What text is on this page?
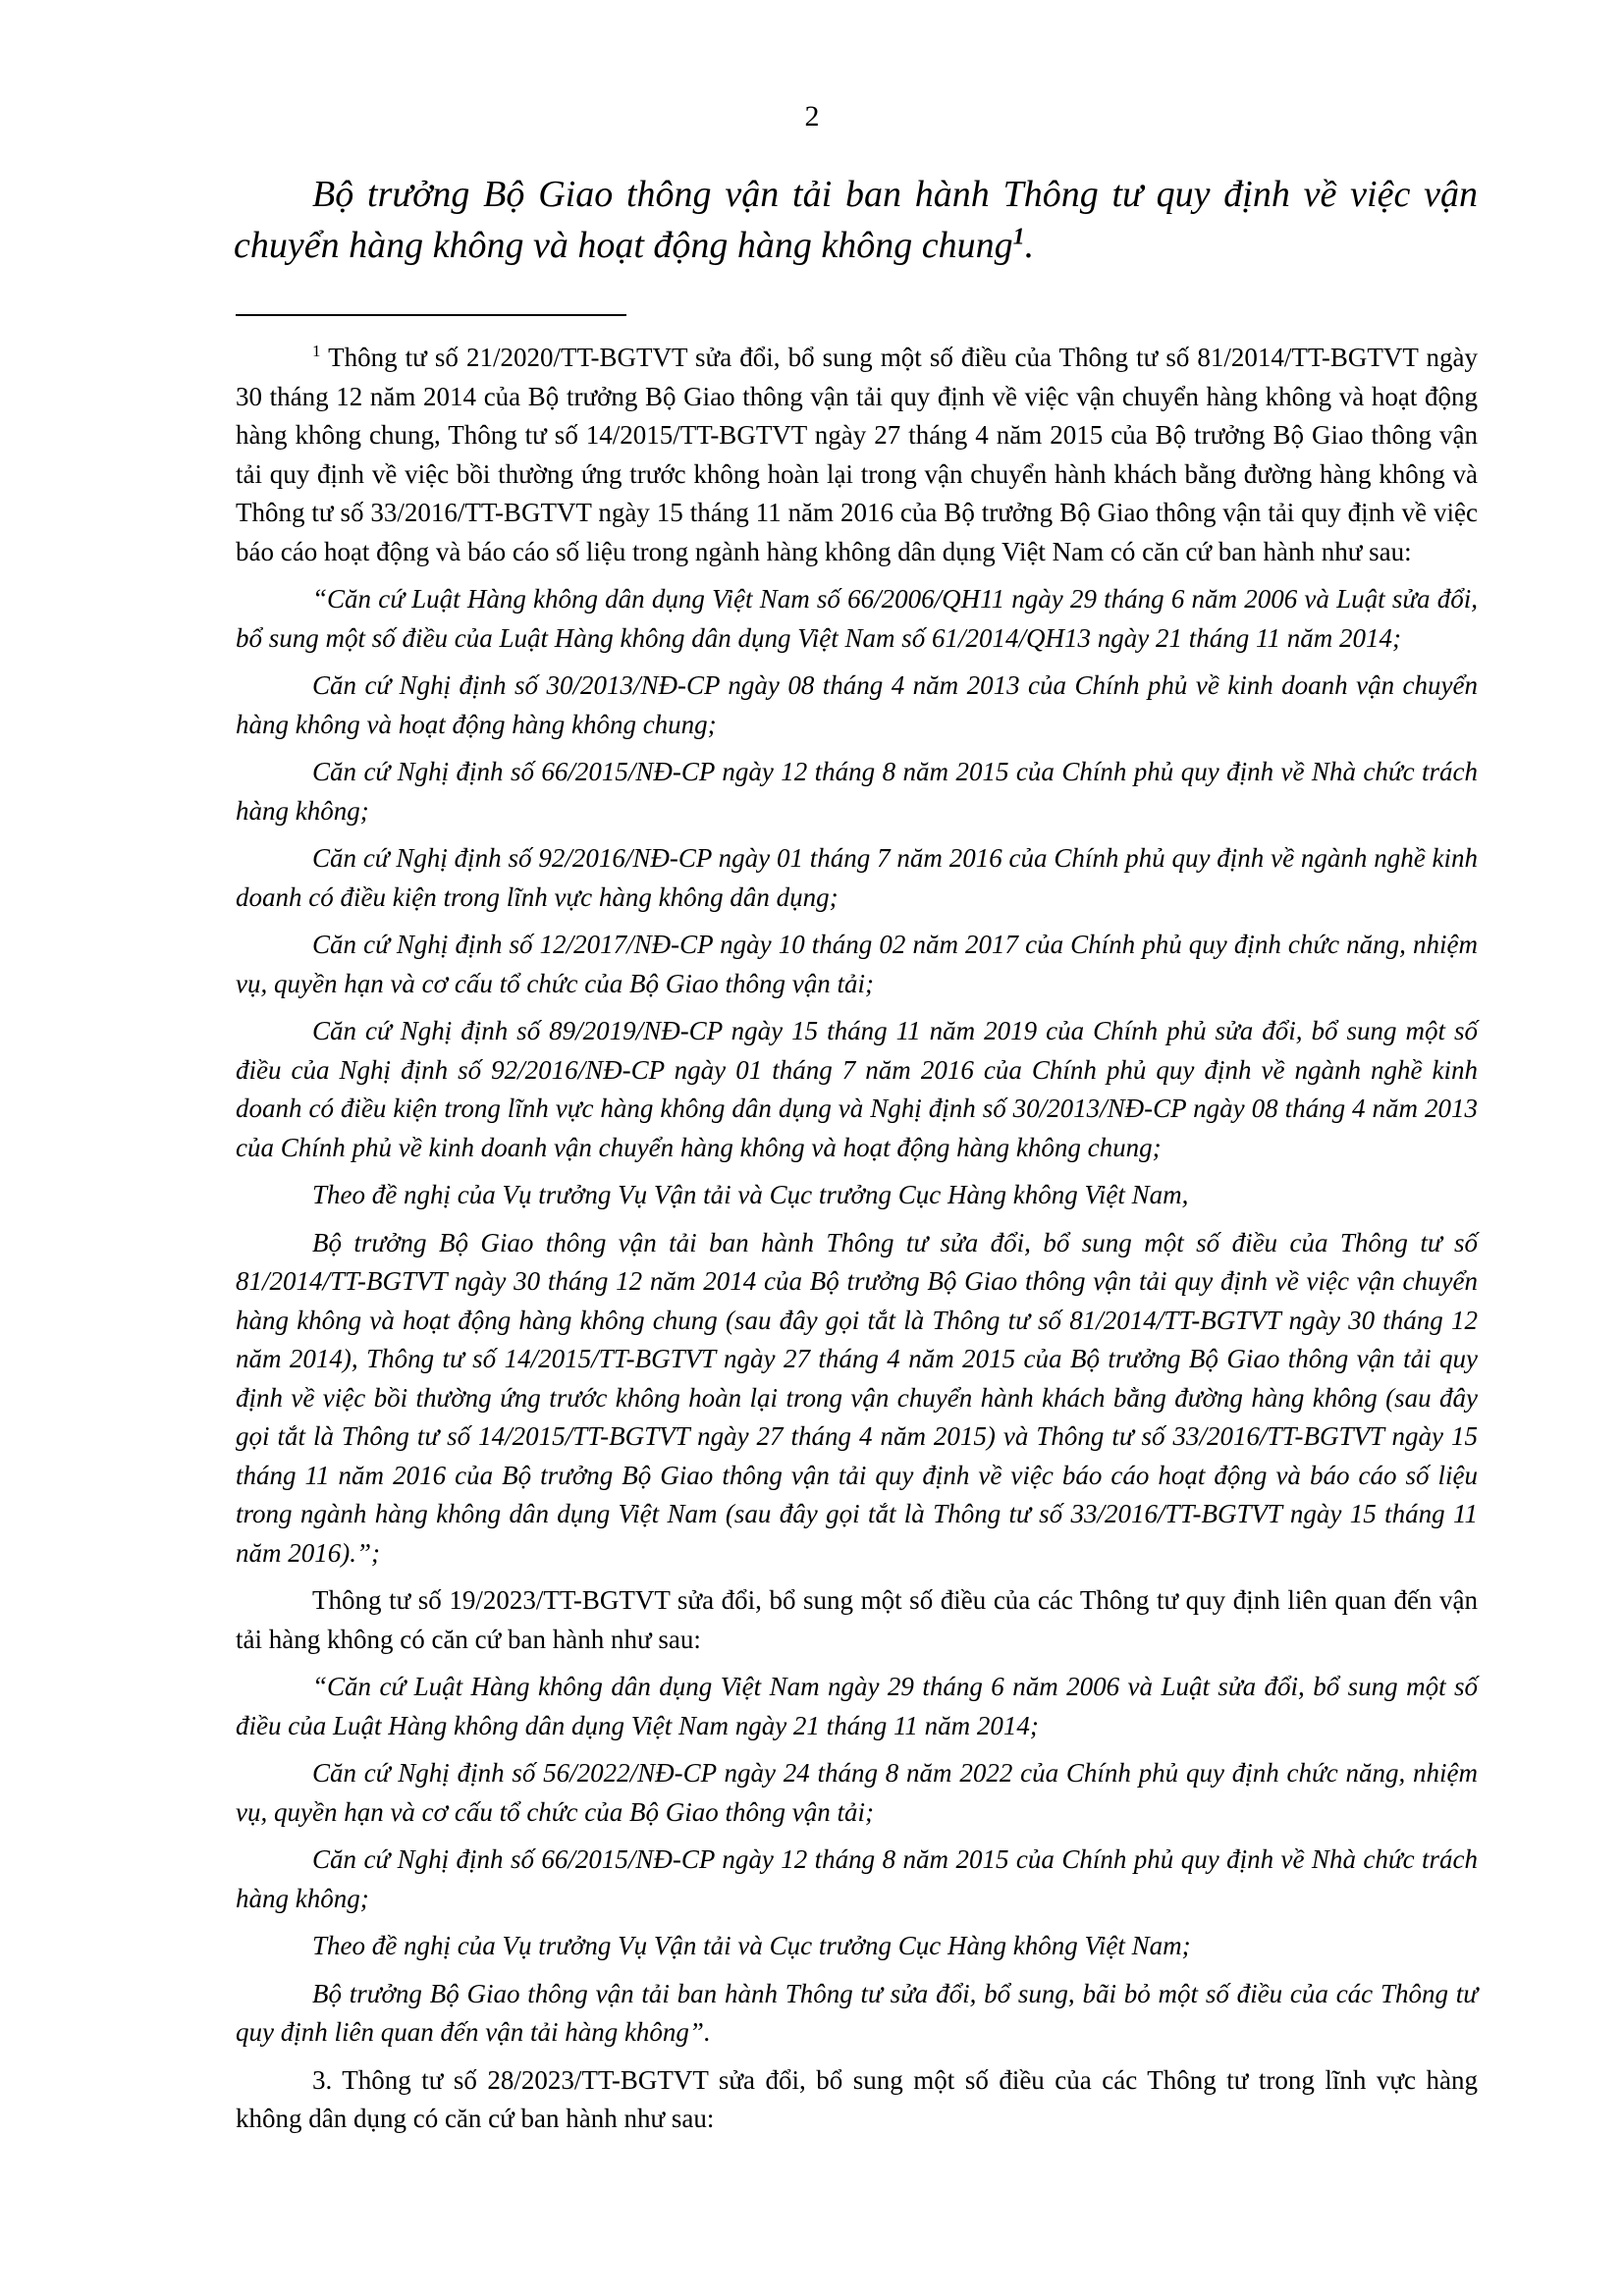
2

Bộ trưởng Bộ Giao thông vận tải ban hành Thông tư quy định về việc vận chuyển hàng không và hoạt động hàng không chung$^1$.

$^1$ Thông tư số 21/2020/TT-BGTVT sửa đổi, bổ sung một số điều của Thông tư số 81/2014/TT-BGTVT ngày 30 tháng 12 năm 2014 của Bộ trưởng Bộ Giao thông vận tải quy định về việc vận chuyển hàng không và hoạt động hàng không chung, Thông tư số 14/2015/TT-BGTVT ngày 27 tháng 4 năm 2015 của Bộ trưởng Bộ Giao thông vận tải quy định về việc bồi thường ứng trước không hoàn lại trong vận chuyển hành khách bằng đường hàng không và Thông tư số 33/2016/TT-BGTVT ngày 15 tháng 11 năm 2016 của Bộ trưởng Bộ Giao thông vận tải quy định về việc báo cáo hoạt động và báo cáo số liệu trong ngành hàng không dân dụng Việt Nam có căn cứ ban hành như sau:

“Căn cứ Luật Hàng không dân dụng Việt Nam số 66/2006/QH11 ngày 29 tháng 6 năm 2006 và Luật sửa đổi, bổ sung một số điều của Luật Hàng không dân dụng Việt Nam số 61/2014/QH13 ngày 21 tháng 11 năm 2014;

Căn cứ Nghị định số 30/2013/NĐ-CP ngày 08 tháng 4 năm 2013 của Chính phủ về kinh doanh vận chuyển hàng không và hoạt động hàng không chung;

Căn cứ Nghị định số 66/2015/NĐ-CP ngày 12 tháng 8 năm 2015 của Chính phủ quy định về Nhà chức trách hàng không;

Căn cứ Nghị định số 92/2016/NĐ-CP ngày 01 tháng 7 năm 2016 của Chính phủ quy định về ngành nghề kinh doanh có điều kiện trong lĩnh vực hàng không dân dụng;

Căn cứ Nghị định số 12/2017/NĐ-CP ngày 10 tháng 02 năm 2017 của Chính phủ quy định chức năng, nhiệm vụ, quyền hạn và cơ cấu tổ chức của Bộ Giao thông vận tải;

Căn cứ Nghị định số 89/2019/NĐ-CP ngày 15 tháng 11 năm 2019 của Chính phủ sửa đổi, bổ sung một số điều của Nghị định số 92/2016/NĐ-CP ngày 01 tháng 7 năm 2016 của Chính phủ quy định về ngành nghề kinh doanh có điều kiện trong lĩnh vực hàng không dân dụng và Nghị định số 30/2013/NĐ-CP ngày 08 tháng 4 năm 2013 của Chính phủ về kinh doanh vận chuyển hàng không và hoạt động hàng không chung;

Theo đề nghị của Vụ trưởng Vụ Vận tải và Cục trưởng Cục Hàng không Việt Nam,

Bộ trưởng Bộ Giao thông vận tải ban hành Thông tư sửa đổi, bổ sung một số điều của Thông tư số 81/2014/TT-BGTVT ngày 30 tháng 12 năm 2014 của Bộ trưởng Bộ Giao thông vận tải quy định về việc vận chuyển hàng không và hoạt động hàng không chung (sau đây gọi tắt là Thông tư số 81/2014/TT-BGTVT ngày 30 tháng 12 năm 2014), Thông tư số 14/2015/TT-BGTVT ngày 27 tháng 4 năm 2015 của Bộ trưởng Bộ Giao thông vận tải quy định về việc bồi thường ứng trước không hoàn lại trong vận chuyển hành khách bằng đường hàng không (sau đây gọi tắt là Thông tư số 14/2015/TT-BGTVT ngày 27 tháng 4 năm 2015) và Thông tư số 33/2016/TT-BGTVT ngày 15 tháng 11 năm 2016 của Bộ trưởng Bộ Giao thông vận tải quy định về việc báo cáo hoạt động và báo cáo số liệu trong ngành hàng không dân dụng Việt Nam (sau đây gọi tắt là Thông tư số 33/2016/TT-BGTVT ngày 15 tháng 11 năm 2016).”;

Thông tư số 19/2023/TT-BGTVT sửa đổi, bổ sung một số điều của các Thông tư quy định liên quan đến vận tải hàng không có căn cứ ban hành như sau:

“Căn cứ Luật Hàng không dân dụng Việt Nam ngày 29 tháng 6 năm 2006 và Luật sửa đổi, bổ sung một số điều của Luật Hàng không dân dụng Việt Nam ngày 21 tháng 11 năm 2014;

Căn cứ Nghị định số 56/2022/NĐ-CP ngày 24 tháng 8 năm 2022 của Chính phủ quy định chức năng, nhiệm vụ, quyền hạn và cơ cấu tổ chức của Bộ Giao thông vận tải;

Căn cứ Nghị định số 66/2015/NĐ-CP ngày 12 tháng 8 năm 2015 của Chính phủ quy định về Nhà chức trách hàng không;

Theo đề nghị của Vụ trưởng Vụ Vận tải và Cục trưởng Cục Hàng không Việt Nam;

Bộ trưởng Bộ Giao thông vận tải ban hành Thông tư sửa đổi, bổ sung, bãi bỏ một số điều của các Thông tư quy định liên quan đến vận tải hàng không”.

3. Thông tư số 28/2023/TT-BGTVT sửa đổi, bổ sung một số điều của các Thông tư trong lĩnh vực hàng không dân dụng có căn cứ ban hành như sau:
